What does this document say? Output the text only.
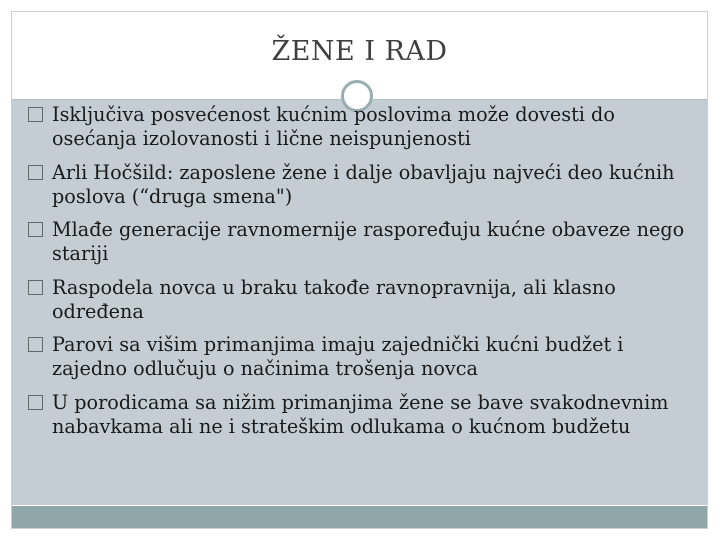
ŽENE I RAD
Isključiva posvećenost kućnim poslovima može dovesti do osećanja izolovanosti i lične neispunjenosti
Arli Hočšild: zaposlene žene i dalje obavljaju najveći deo kućnih poslova (“druga smena")
Mlađe generacije ravnomernije raspoređuju kućne obaveze nego stariji
Raspodela novca u braku takođe ravnopravnija, ali klasno određena
Parovi sa višim primanjima imaju zajednički kućni budžet i zajedno odlučuju o načinima trošenja novca
U porodicama sa nižim primanjima žene se bave svakodnevnim nabavkama ali ne i strateškim odlukama o kućnom budžetu
